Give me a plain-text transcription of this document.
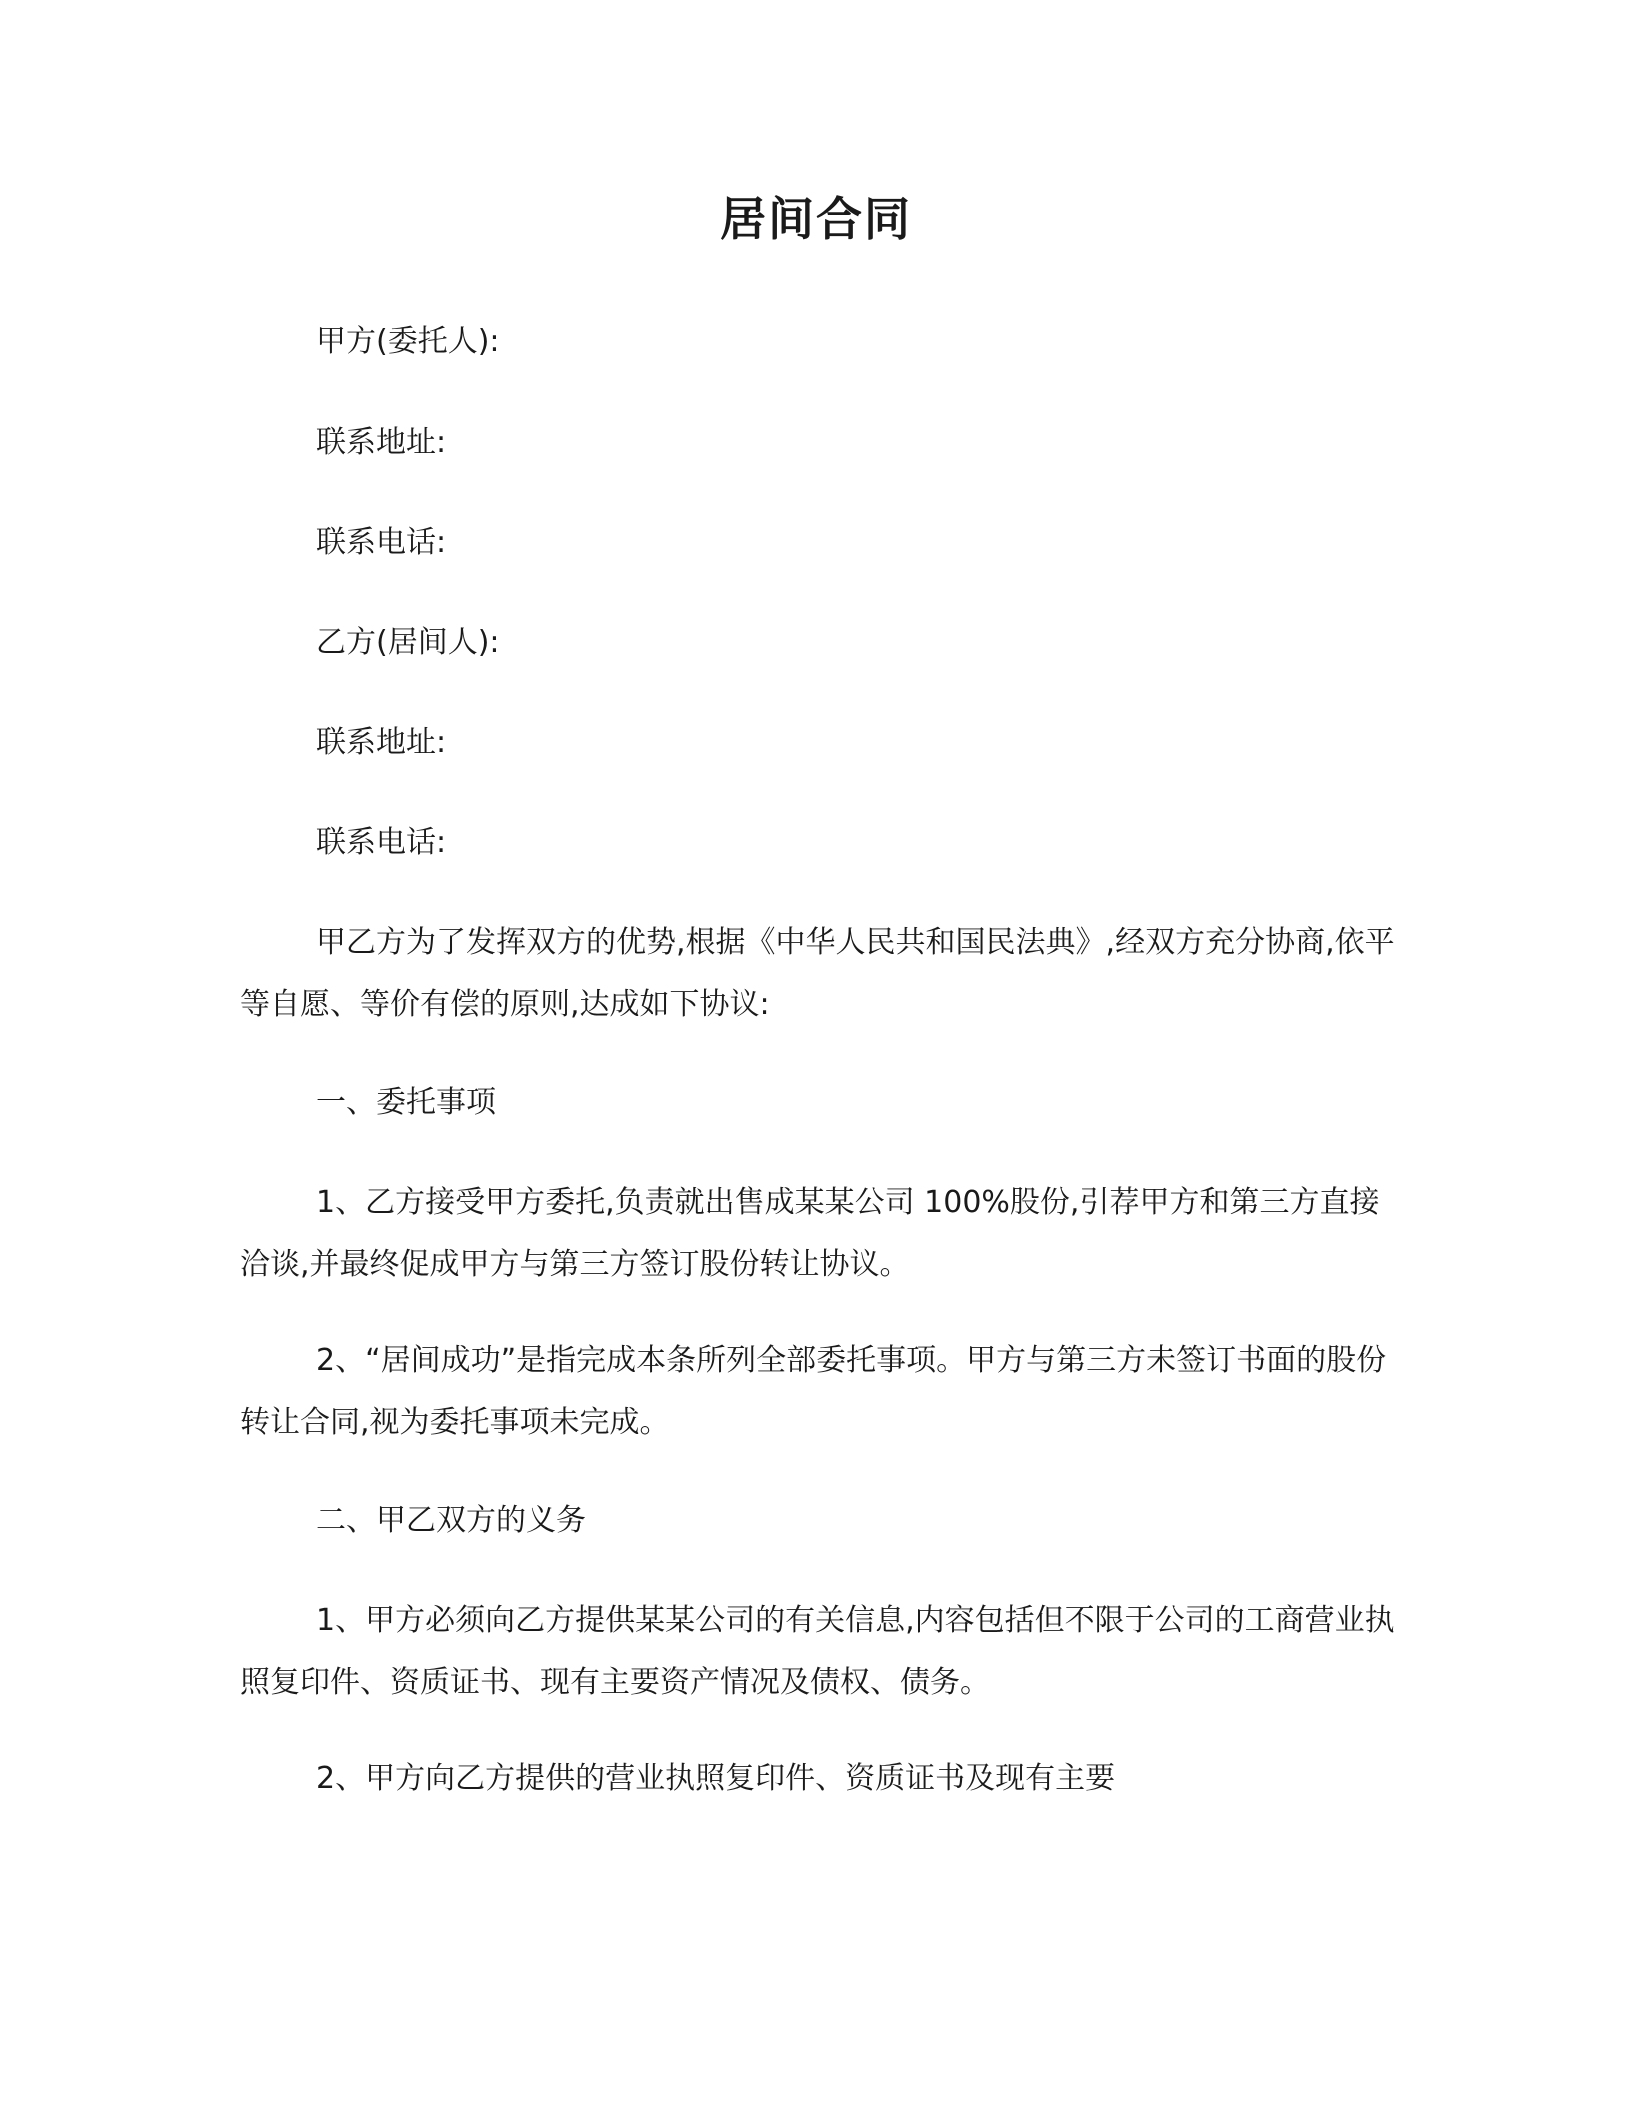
居间合同
甲方(委托人):
联系地址:
联系电话:
乙方(居间人):
联系地址:
联系电话:
甲乙方为了发挥双方的优势,根据《中华人民共和国民法典》,经双方充分协商,依平等自愿、等价有偿的原则,达成如下协议:
一、委托事项
1、乙方接受甲方委托,负责就出售成某某公司 100%股份,引荐甲方和第三方直接洽谈,并最终促成甲方与第三方签订股份转让协议。
2、“居间成功”是指完成本条所列全部委托事项。甲方与第三方未签订书面的股份转让合同,视为委托事项未完成。
二、甲乙双方的义务
1、甲方必须向乙方提供某某公司的有关信息,内容包括但不限于公司的工商营业执照复印件、资质证书、现有主要资产情况及债权、债务。
2、甲方向乙方提供的营业执照复印件、资质证书及现有主要
